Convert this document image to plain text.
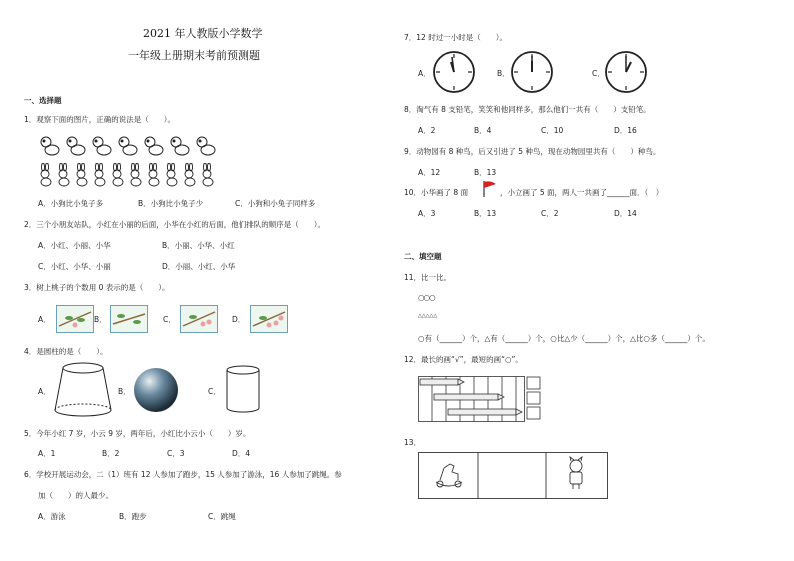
2021 年人教版小学数学
一年级上册期末考前预测题
一、选择题
1．观察下面的图片，正确的说法是（　　）。
A．小狗比小兔子多	B．小狗比小兔子少	C．小狗和小兔子同样多
2．三个小朋友站队，小红在小丽的后面，小华在小红的后面，他们排队的顺序是（　　）。
A．小红、小丽、小华	B．小丽、小华、小红
C．小红、小华、小丽	D．小丽、小红、小华
3．树上桃子的个数用 0 表示的是（　　）。
A．	B．	C．	D．
4．是圆柱的是（　　）。
A．	B．	C．
5．今年小红 7 岁，小云 9 岁，两年后，小红比小云小（　　）岁。
A．1	B．2	C．3	D．4
6．学校开展运动会，二（1）班有 12 人参加了跑步，15 人参加了游泳，16 人参加了跳绳。参
加（　　）的人最少。
A．游泳	B．跑步	C．跳绳
7．12 时过一小时是（　　）。
A．	B．	C．
8．淘气有 8 支铅笔，笑笑和他同样多，那么他们一共有（　　）支铅笔。
A．2	B．4	C．10	D．16
9．动物园有 8 种鸟，后又引进了 5 种鸟，现在动物园里共有（　　）种鸟。
A．12	B．13
10．小华画了 8 面	，小立画了 5 面，两人一共画了______面．（　）
A．3	B．13	C．2	D．14
二、填空题
11．比一比。
○○○
△△△△△
○有（______）个，△有（______）个，○比△少（______）个，△比○多（______）个。
12．最长的画“√”，最短的画“○”。
13．
